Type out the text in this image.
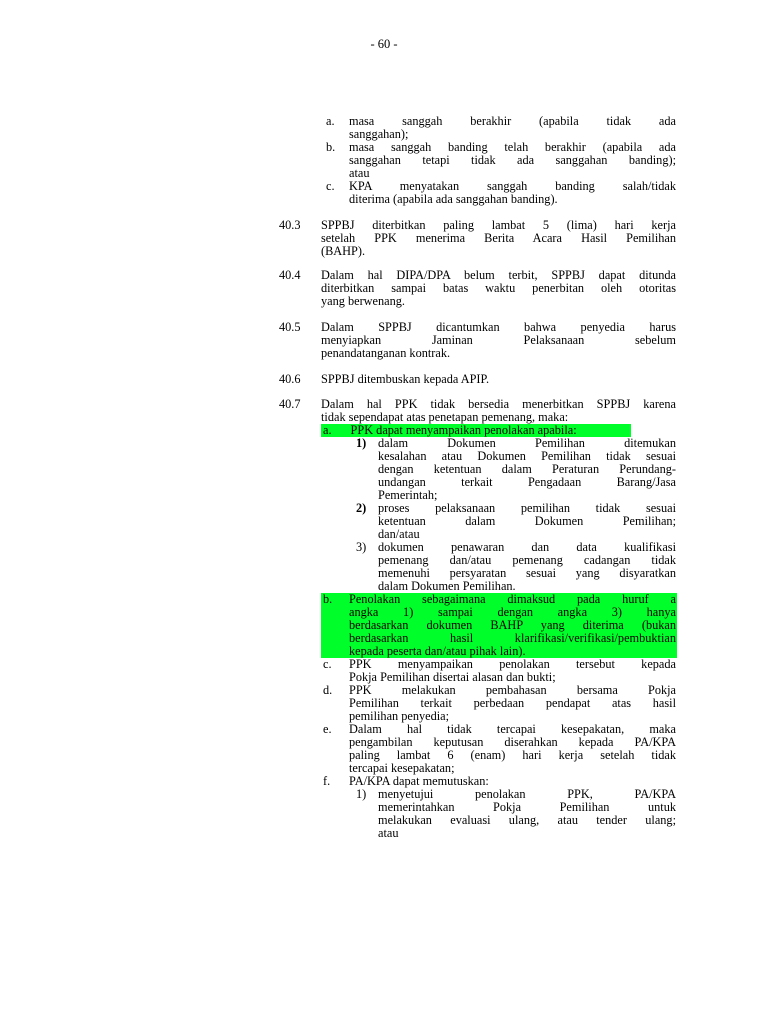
- 60 -
a. masa sanggah berakhir (apabila tidak ada
sanggahan);
b. masa sanggah banding telah berakhir (apabila ada
sanggahan tetapi tidak ada sanggahan banding);
atau
c. KPA menyatakan sanggah banding salah/tidak
diterima (apabila ada sanggahan banding).
40.3 SPPBJ diterbitkan paling lambat 5 (lima) hari kerja
setelah PPK menerima Berita Acara Hasil Pemilihan
(BAHP).
40.4 Dalam hal DIPA/DPA belum terbit, SPPBJ dapat ditunda
diterbitkan sampai batas waktu penerbitan oleh otoritas
yang berwenang.
40.5 Dalam SPPBJ dicantumkan bahwa penyedia harus
menyiapkan Jaminan Pelaksanaan sebelum
penandatanganan kontrak.
40.6 SPPBJ ditembuskan kepada APIP.
40.7 Dalam hal PPK tidak bersedia menerbitkan SPPBJ karena
tidak sependapat atas penetapan pemenang, maka:
a. PPK dapat menyampaikan penolakan apabila:
1) dalam Dokumen Pemilihan ditemukan
kesalahan atau Dokumen Pemilihan tidak sesuai
dengan ketentuan dalam Peraturan Perundang-
undangan terkait Pengadaan Barang/Jasa
Pemerintah;
2) proses pelaksanaan pemilihan tidak sesuai
ketentuan dalam Dokumen Pemilihan;
dan/atau
3) dokumen penawaran dan data kualifikasi
pemenang dan/atau pemenang cadangan tidak
memenuhi persyaratan sesuai yang disyaratkan
dalam Dokumen Pemilihan.
b. Penolakan sebagaimana dimaksud pada huruf a
angka 1) sampai dengan angka 3) hanya
berdasarkan dokumen BAHP yang diterima (bukan
berdasarkan hasil klarifikasi/verifikasi/pembuktian
kepada peserta dan/atau pihak lain).
c. PPK menyampaikan penolakan tersebut kepada
Pokja Pemilihan disertai alasan dan bukti;
d. PPK melakukan pembahasan bersama Pokja
Pemilihan terkait perbedaan pendapat atas hasil
pemilihan penyedia;
e. Dalam hal tidak tercapai kesepakatan, maka
pengambilan keputusan diserahkan kepada PA/KPA
paling lambat 6 (enam) hari kerja setelah tidak
tercapai kesepakatan;
f. PA/KPA dapat memutuskan:
1) menyetujui penolakan PPK, PA/KPA
memerintahkan Pokja Pemilihan untuk
melakukan evaluasi ulang, atau tender ulang;
atau
